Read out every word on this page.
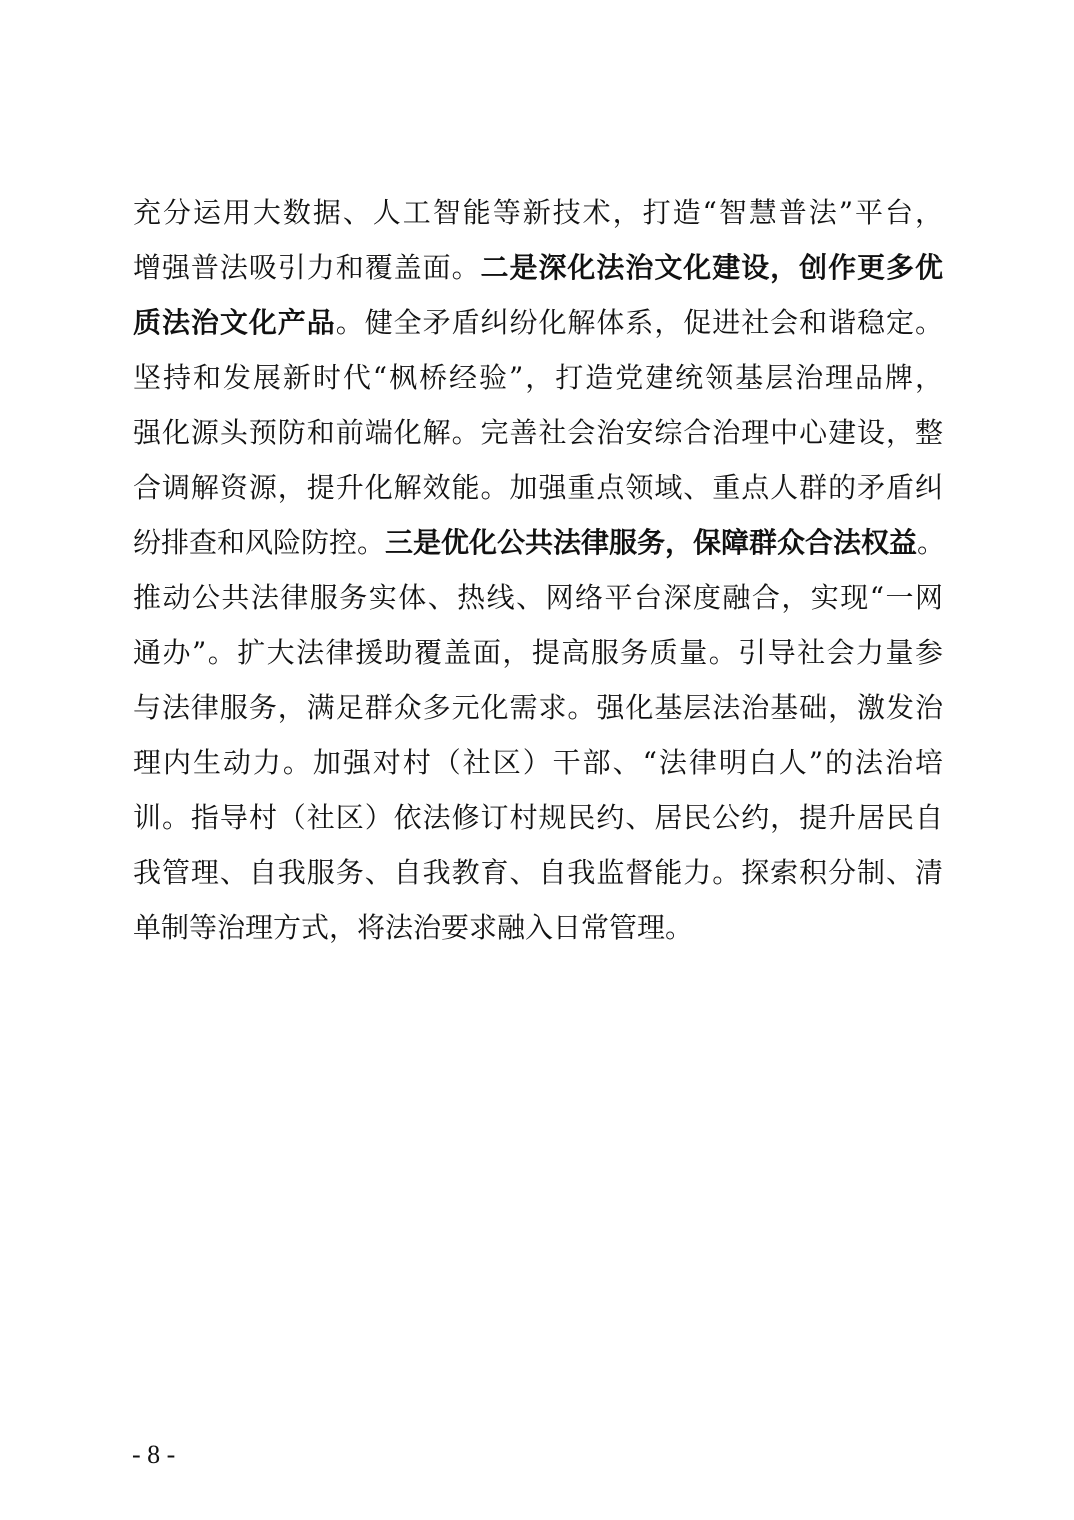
充分运用大数据、人工智能等新技术，打造“智慧普法”平台，
增强普法吸引力和覆盖面。二是深化法治文化建设，创作更多优
质法治文化产品。健全矛盾纠纷化解体系，促进社会和谐稳定。
坚持和发展新时代“枫桥经验”，打造党建统领基层治理品牌，
强化源头预防和前端化解。完善社会治安综合治理中心建设，整
合调解资源，提升化解效能。加强重点领域、重点人群的矛盾纠
纷排查和风险防控。三是优化公共法律服务，保障群众合法权益。
推动公共法律服务实体、热线、网络平台深度融合，实现“一网
通办”。扩大法律援助覆盖面，提高服务质量。引导社会力量参
与法律服务，满足群众多元化需求。强化基层法治基础，激发治
理内生动力。加强对村（社区）干部、“法律明白人”的法治培
训。指导村（社区）依法修订村规民约、居民公约，提升居民自
我管理、自我服务、自我教育、自我监督能力。探索积分制、清
单制等治理方式，将法治要求融入日常管理。
- 8 -
